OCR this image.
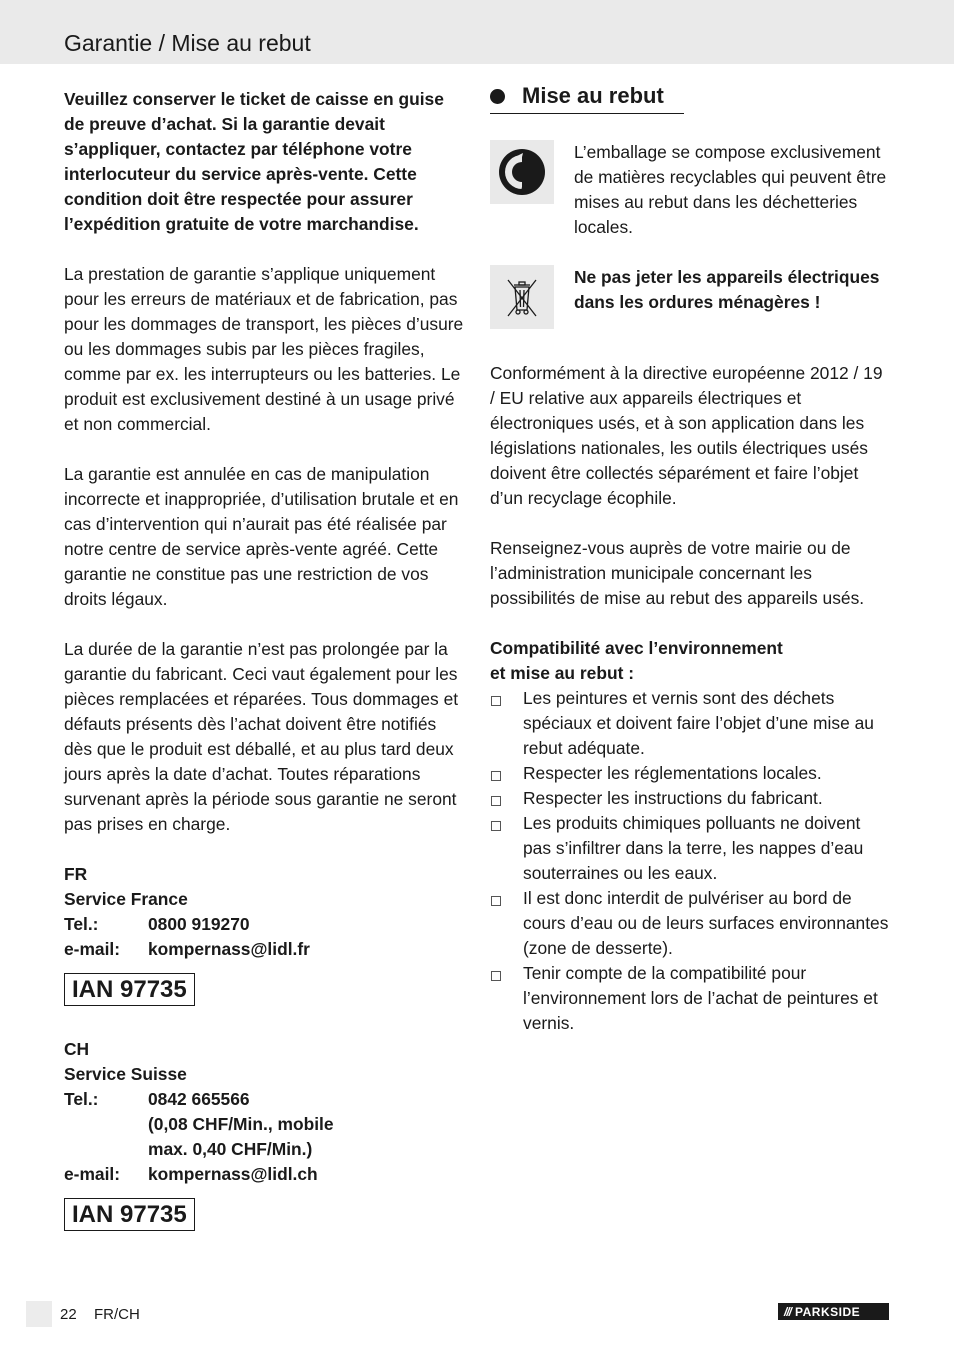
Garantie / Mise au rebut

Veuillez conserver le ticket de caisse en guise de preuve d’achat. Si la garantie devait s’appliquer, contactez par téléphone votre interlocuteur du service après-vente. Cette condition doit être respectée pour assurer l’expédition gratuite de votre marchandise.

La prestation de garantie s’applique uniquement pour les erreurs de matériaux et de fabrication, pas pour les dommages de transport, les pièces d’usure ou les dommages subis par les pièces fragiles, comme par ex. les interrupteurs ou les batteries. Le produit est exclusivement destiné à un usage privé et non commercial.

La garantie est annulée en cas de manipulation incorrecte et inappropriée, d’utilisation brutale et en cas d’intervention qui n’aurait pas été réalisée par notre centre de service après-vente agréé. Cette garantie ne constitue pas une restriction de vos droits légaux.

La durée de la garantie n’est pas prolongée par la garantie du fabricant. Ceci vaut également pour les pièces remplacées et réparées. Tous dommages et défauts présents dès l’achat doivent être notifiés dès que le produit est déballé, et au plus tard deux jours après la date d’achat. Toutes réparations survenant après la période sous garantie ne seront pas prises en charge.

FR
Service France
Tel.:	0800 919270
e-mail:	kompernass@lidl.fr
IAN 97735
CH
Service Suisse
Tel.:	0842 665566
(0,08 CHF/Min., mobile
max. 0,40 CHF/Min.)
e-mail:	kompernass@lidl.ch
IAN 97735
Mise au rebut

L’emballage se compose exclusivement de matières recyclables qui peuvent être mises au rebut dans les déchetteries locales.

Ne pas jeter les appareils électriques dans les ordures ménagères !

Conformément à la directive européenne 2012 / 19 / EU relative aux appareils électriques et électroniques usés, et à son application dans les législations nationales, les outils électriques usés doivent être collectés séparément et faire l’objet d’un recyclage écophile.

Renseignez-vous auprès de votre mairie ou de l’administration municipale concernant les possibilités de mise au rebut des appareils usés.

Compatibilité avec l’environnement
et mise au rebut :

Les peintures et vernis sont des déchets spéciaux et doivent faire l’objet d’une mise au rebut adéquate.
Respecter les réglementations locales.
Respecter les instructions du fabricant.
Les produits chimiques polluants ne doivent pas s’infiltrer dans la terre, les nappes d’eau souterraines ou les eaux.
Il est donc interdit de pulvériser au bord de cours d’eau ou de leurs surfaces environnantes (zone de desserte).
Tenir compte de la compatibilité pour l’environnement lors de l’achat de peintures et vernis.
22 FR/CH	/// PARKSIDE
